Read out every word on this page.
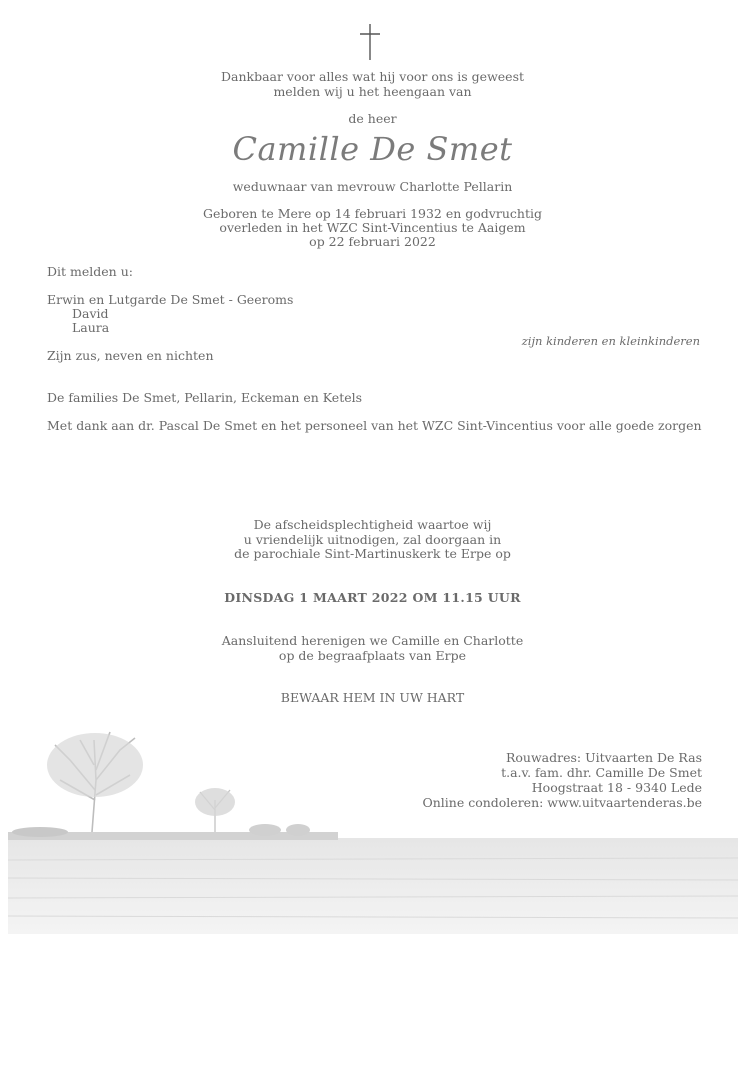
Dankbaar voor alles wat hij voor ons is geweest
melden wij u het heengaan van
de heer
Camille De Smet
weduwnaar van mevrouw Charlotte Pellarin
Geboren te Mere op 14 februari 1932 en godvruchtig
overleden in het WZC Sint-Vincentius te Aaigem
op 22 februari 2022
Dit melden u:
Erwin en Lutgarde De Smet - Geeroms
David
Laura
zijn kinderen en kleinkinderen
Zijn zus, neven en nichten
De families De Smet, Pellarin, Eckeman en Ketels
Met dank aan dr. Pascal De Smet en het personeel van het WZC Sint-Vincentius voor alle goede zorgen
De afscheidsplechtigheid waartoe wij
u vriendelijk uitnodigen, zal doorgaan in
de parochiale Sint-Martinuskerk te Erpe op
DINSDAG 1 MAART 2022 OM 11.15 UUR
Aansluitend herenigen we Camille en Charlotte
op de begraafplaats van Erpe
BEWAAR HEM IN UW HART
Rouwadres: Uitvaarten De Ras
t.a.v. fam. dhr. Camille De Smet
Hoogstraat 18 - 9340 Lede
Online condoleren: www.uitvaartenderas.be
